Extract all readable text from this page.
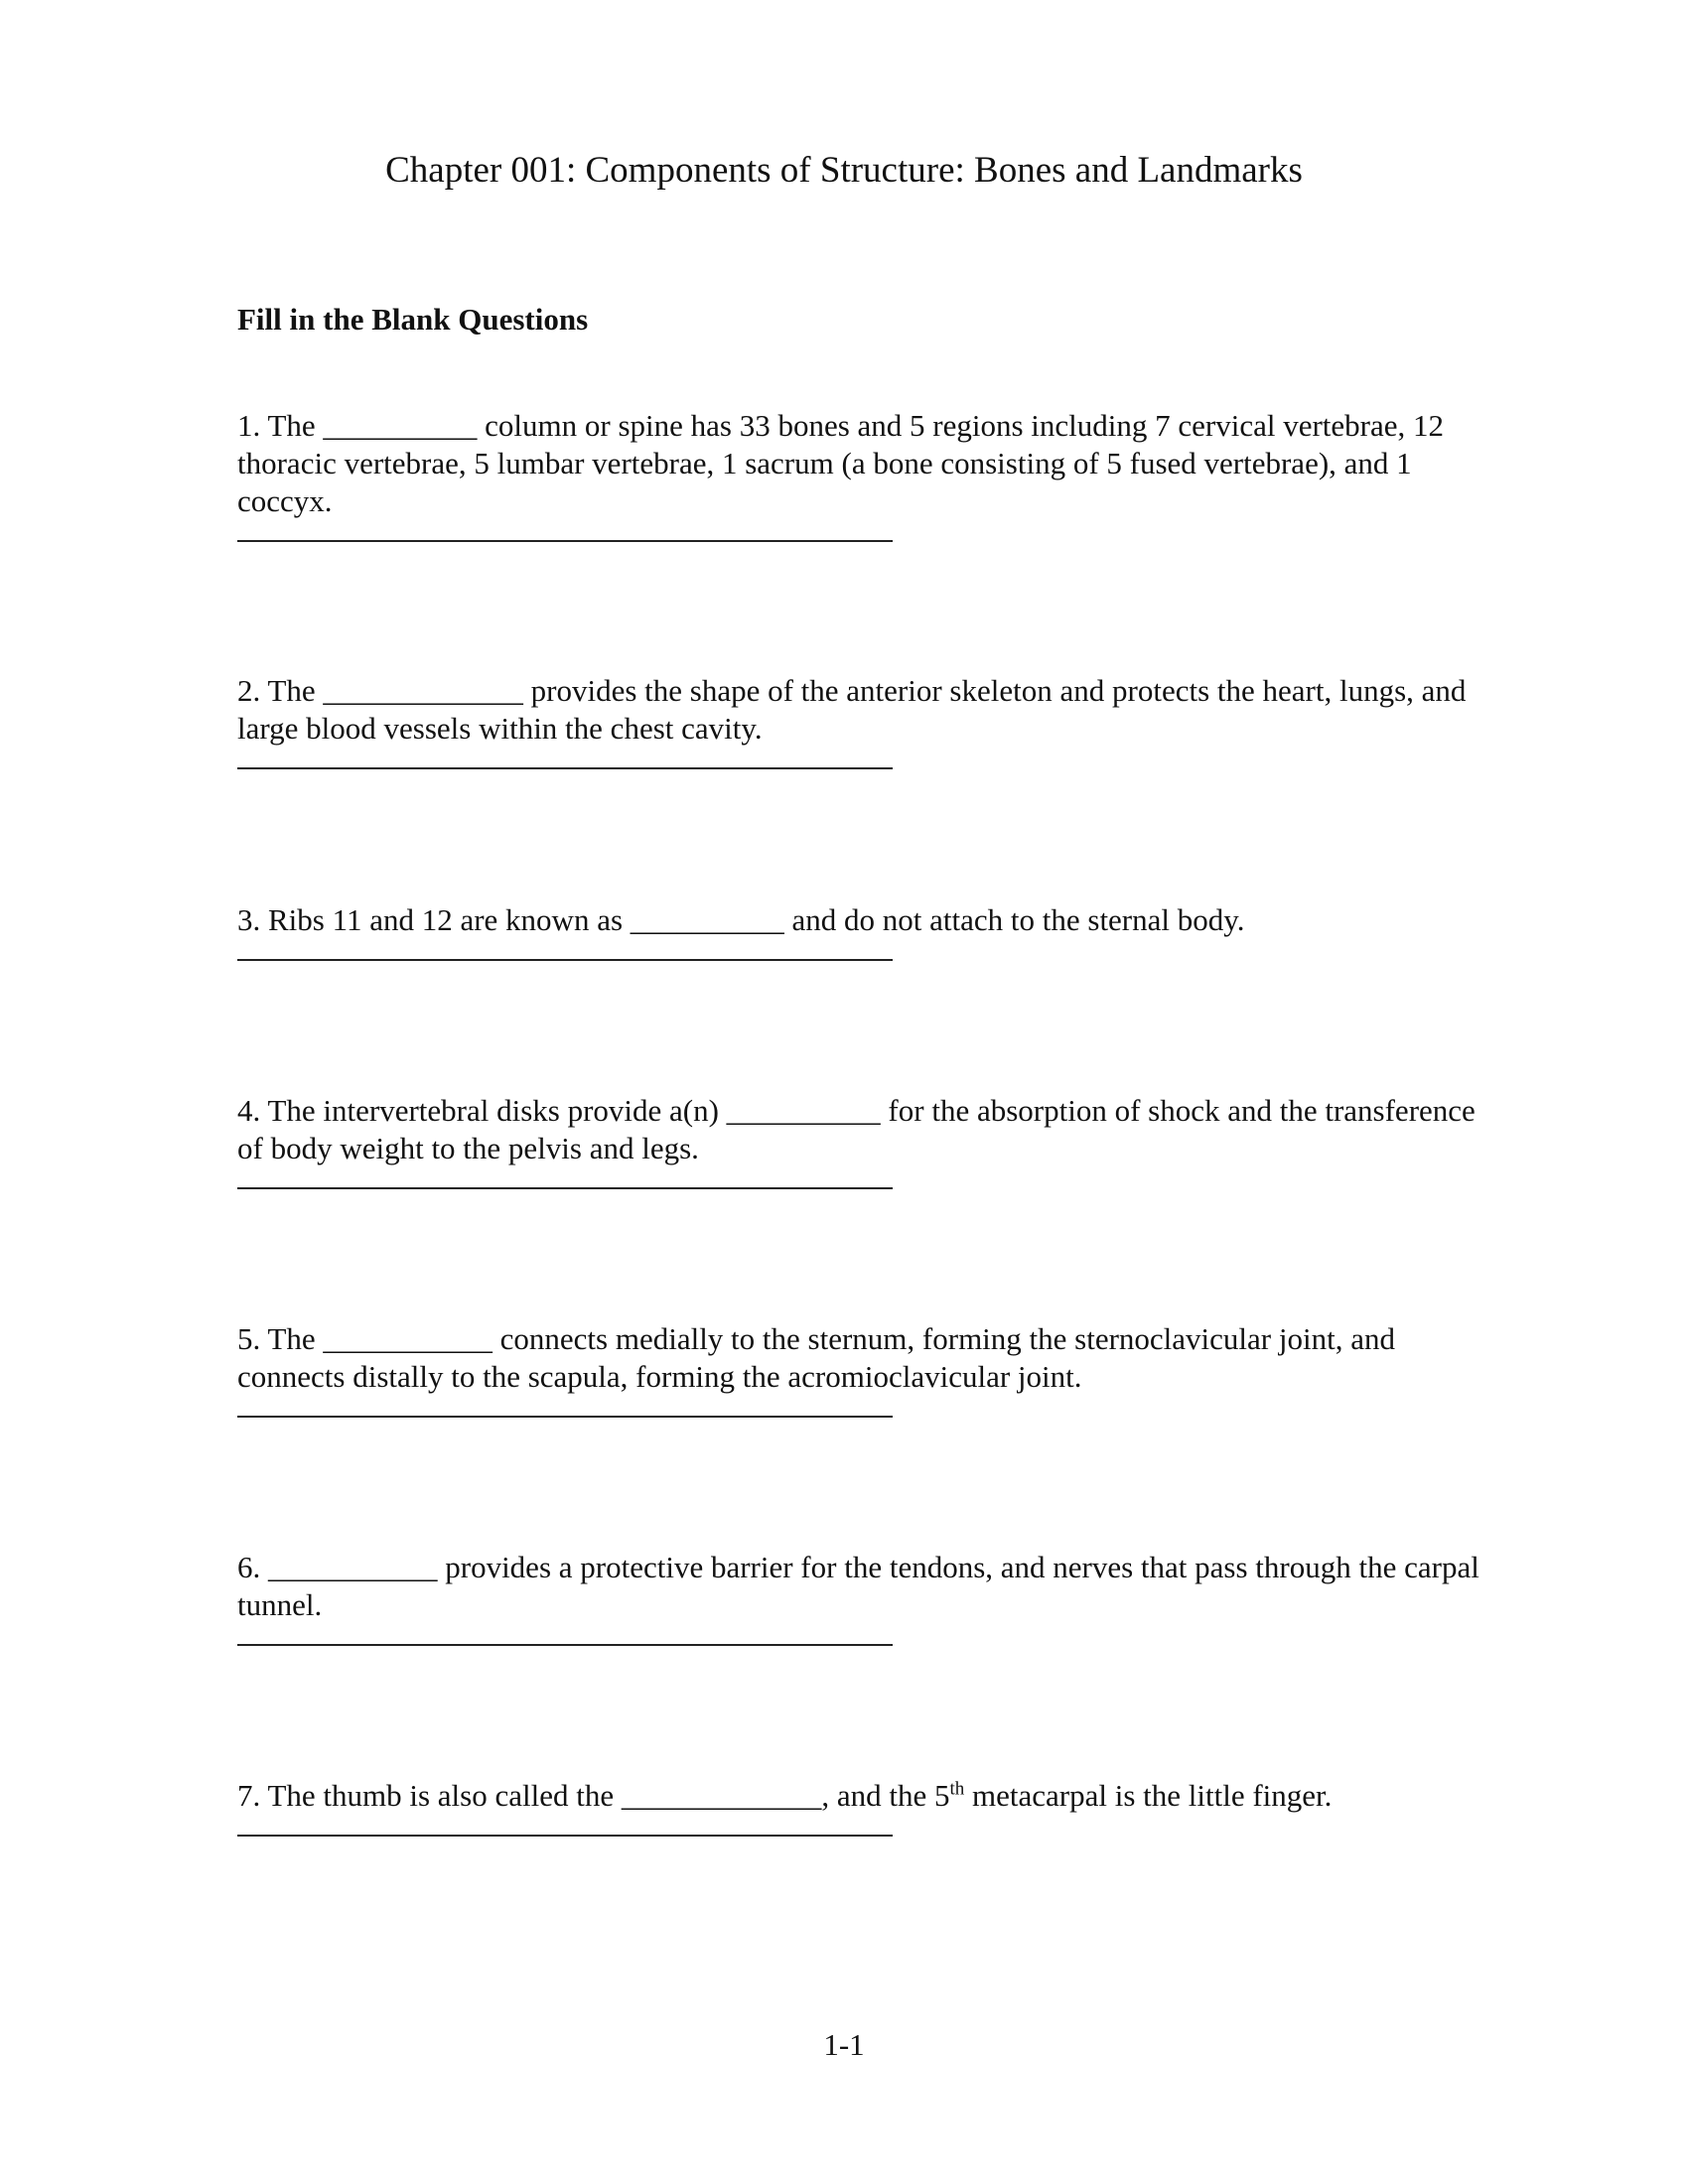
Chapter 001: Components of Structure: Bones and Landmarks
Fill in the Blank Questions

1. The __________ column or spine has 33 bones and 5 regions including 7 cervical vertebrae, 12 thoracic vertebrae, 5 lumbar vertebrae, 1 sacrum (a bone consisting of 5 fused vertebrae), and 1 coccyx.

2. The _____________ provides the shape of the anterior skeleton and protects the heart, lungs, and large blood vessels within the chest cavity.

3. Ribs 11 and 12 are known as __________ and do not attach to the sternal body.

4. The intervertebral disks provide a(n) __________ for the absorption of shock and the transference of body weight to the pelvis and legs.

5. The ___________ connects medially to the sternum, forming the sternoclavicular joint, and connects distally to the scapula, forming the acromioclavicular joint.

6. ___________ provides a protective barrier for the tendons, and nerves that pass through the carpal tunnel.

7. The thumb is also called the _____________, and the 5th metacarpal is the little finger.

1-1
